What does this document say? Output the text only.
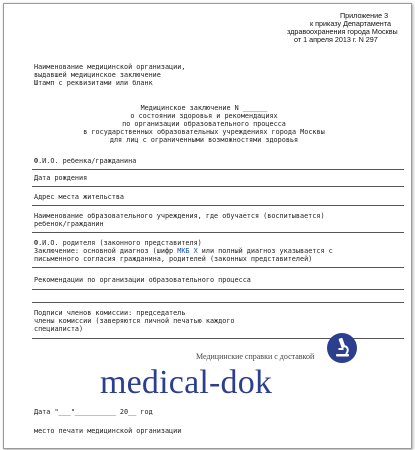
Приложение 3
к приказу Департамента
здравоохранения города Москвы
от 1 апреля 2013 г. N 297
Наименование медицинской организации,
выдавшей медицинское заключение
Штамп с реквизитами или бланк
Медицинское заключение N ______
о состоянии здоровья и рекомендациях
по организации образовательного процесса
в государственных образовательных учреждениях города Москвы
для лиц с ограниченными возможностями здоровья
Ф.И.О. ребенка/гражданина
Дата рождения
Адрес места жительства
Наименование образовательного учреждения, где обучается (воспитывается)
ребенок/гражданин
Ф.И.О. родителя (законного представителя)
Заключение: основной диагноз (шифр МКБ Х или полный диагноз указывается с
письменного согласия гражданина, родителей (законных представителей)
Рекомендации по организации образовательного процесса
Подписи членов комиссии: председатель
члены комиссии (заверяются личной печатью каждого
специалиста)
Медицинские справки с доставкой
medical-dok
Дата "___"__________ 20__ год
место печати медицинской организации
